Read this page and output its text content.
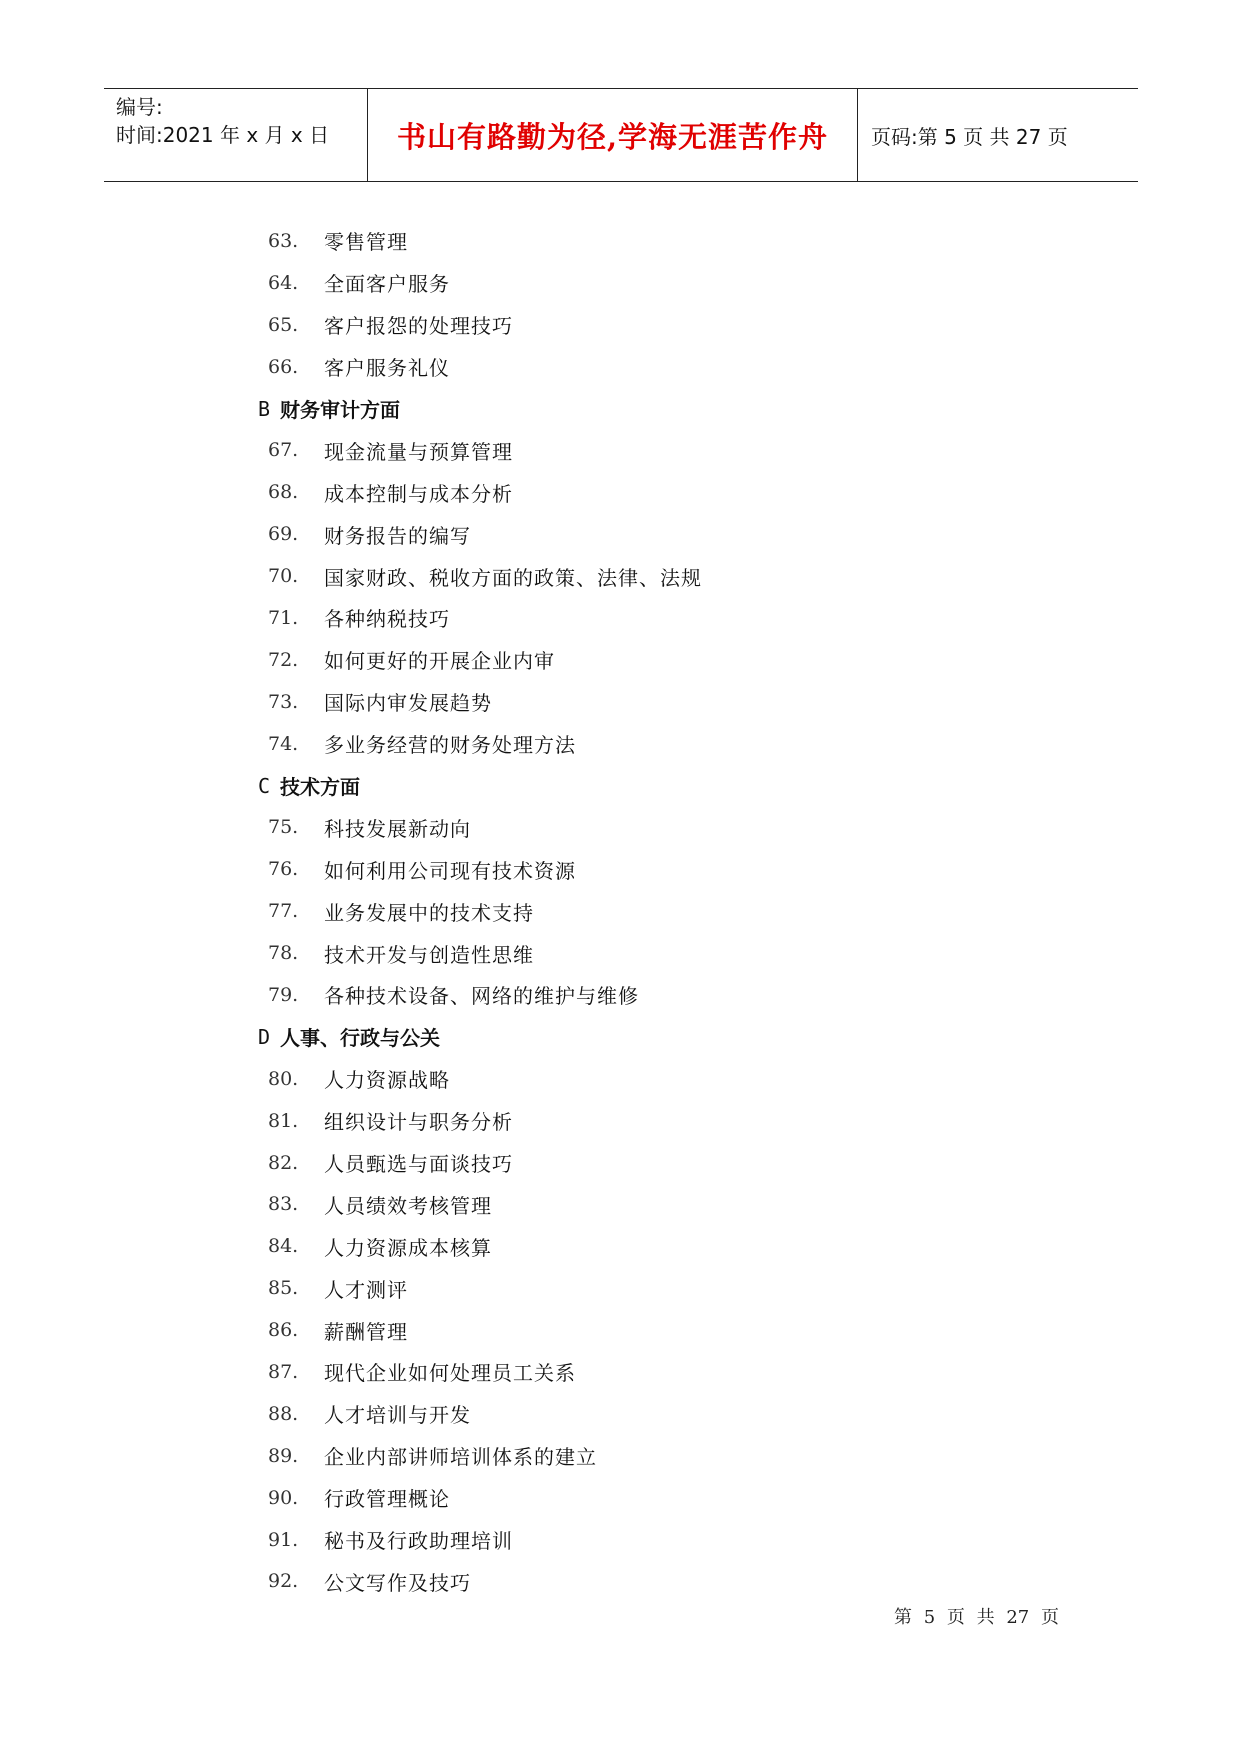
编号:
时间:2021 年 x 月 x 日	书山有路勤为径,学海无涯苦作舟 页码:第 5 页 共 27 页
63.	零售管理
64.	全面客户服务
65.	客户报怨的处理技巧
66.	客户服务礼仪
B 财务审计方面
67.	现金流量与预算管理
68.	成本控制与成本分析
69.	财务报告的编写
70.	国家财政、税收方面的政策、法律、法规
71.	各种纳税技巧
72.	如何更好的开展企业内审
73.	国际内审发展趋势
74.	多业务经营的财务处理方法
C 技术方面
75.	科技发展新动向
76.	如何利用公司现有技术资源
77.	业务发展中的技术支持
78.	技术开发与创造性思维
79.	各种技术设备、网络的维护与维修
D 人事、行政与公关
80.	人力资源战略
81.	组织设计与职务分析
82.	人员甄选与面谈技巧
83.	人员绩效考核管理
84.	人力资源成本核算
85.	人才测评
86.	薪酬管理
87.	现代企业如何处理员工关系
88.	人才培训与开发
89.	企业内部讲师培训体系的建立
90.	行政管理概论
91.	秘书及行政助理培训
92.	公文写作及技巧
第 5 页 共 27 页
